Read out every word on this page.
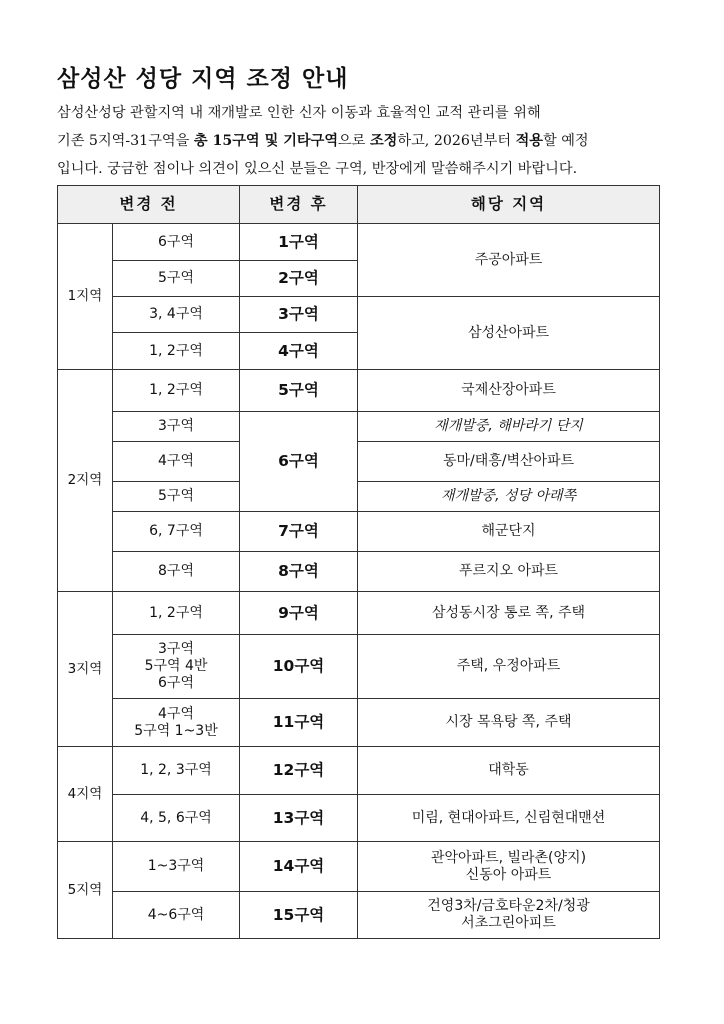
삼성산 성당 지역 조정 안내
삼성산성당 관할지역 내 재개발로 인한 신자 이동과 효율적인 교적 관리를 위해
기존 5지역-31구역을 총 15구역 및 기타구역으로 조정하고, 2026년부터 적용할 예정
입니다. 궁금한 점이나 의견이 있으신 분들은 구역, 반장에게 말씀해주시기 바랍니다.
변경 전		변경 후	해당 지역
1지역	6구역	1구역	주공아파트

	5구역	2구역	

	3, 4구역	3구역	삼성산아파트

	1, 2구역	4구역	
2지역	1, 2구역	5구역	국제산장아파트

	3구역	6구역	재개발중, 해바라기 단지

	4구역		동마/태흥/벽산아파트

	5구역		재개발중, 성당 아래쪽

	6, 7구역	7구역	해군단지

	8구역	8구역	푸르지오 아파트

3지역	1, 2구역	9구역	삼성동시장 통로 쪽, 주택

	3구역
5구역 4반
6구역	10구역	주택, 우정아파트

	4구역
5구역 1~3반	11구역	시장 목욕탕 쪽, 주택

4지역	1, 2, 3구역	12구역	대학동

	4, 5, 6구역	13구역	미림, 현대아파트, 신림현대맨션

5지역	1~3구역	14구역	관악아파트, 빌라촌(양지)
신동아 아파트

	4~6구역	15구역	건영3차/금호타운2차/청광
서초그린아피트
